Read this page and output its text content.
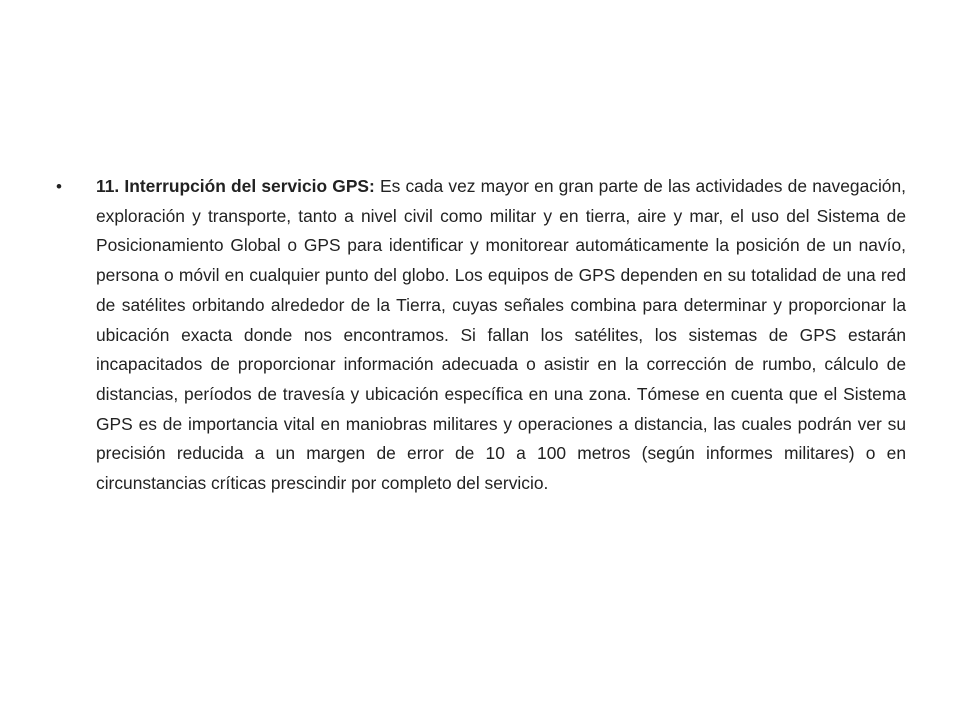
• 11. Interrupción del servicio GPS: Es cada vez mayor en gran parte de las actividades de navegación, exploración y transporte, tanto a nivel civil como militar y en tierra, aire y mar, el uso del Sistema de Posicionamiento Global o GPS para identificar y monitorear automáticamente la posición de un navío, persona o móvil en cualquier punto del globo. Los equipos de GPS dependen en su totalidad de una red de satélites orbitando alrededor de la Tierra, cuyas señales combina para determinar y proporcionar la ubicación exacta donde nos encontramos. Si fallan los satélites, los sistemas de GPS estarán incapacitados de proporcionar información adecuada o asistir en la corrección de rumbo, cálculo de distancias, períodos de travesía y ubicación específica en una zona. Tómese en cuenta que el Sistema GPS es de importancia vital en maniobras militares y operaciones a distancia, las cuales podrán ver su precisión reducida a un margen de error de 10 a 100 metros (según informes militares) o en circunstancias críticas prescindir por completo del servicio.
